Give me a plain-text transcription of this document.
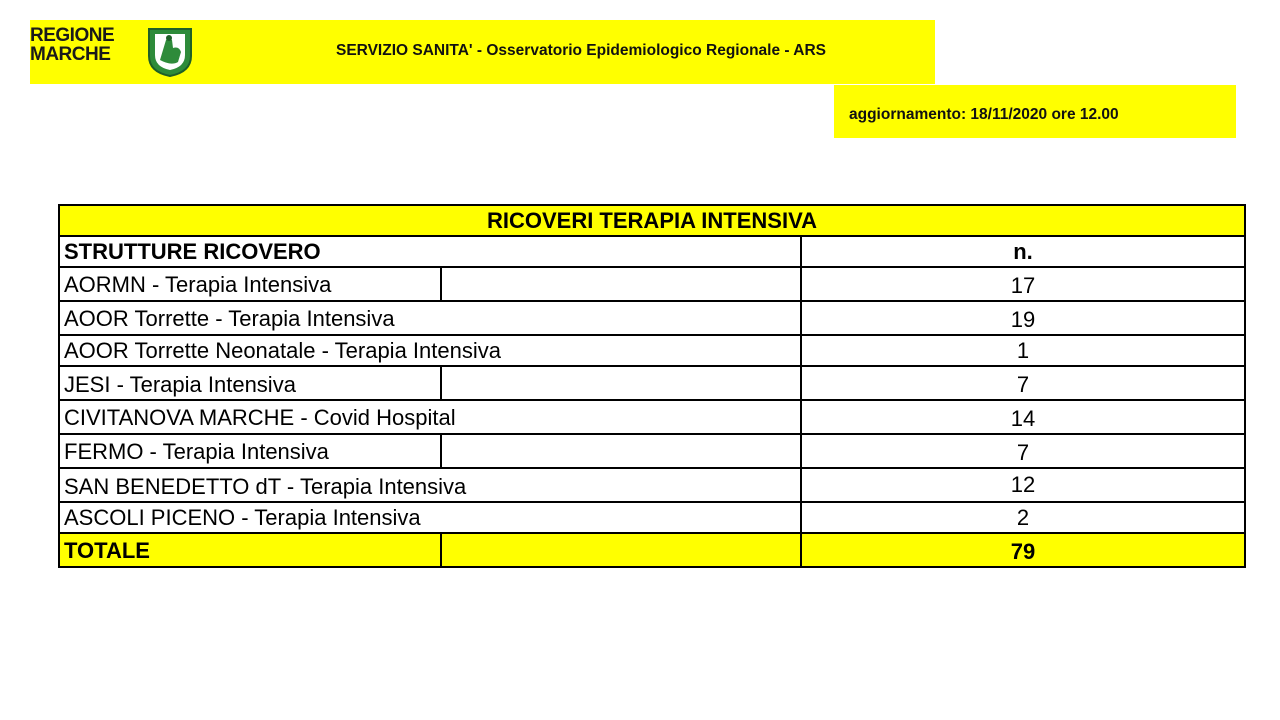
REGIONE
MARCHE	SERVIZIO SANITA' - Osservatorio Epidemiologico Regionale - ARS
aggiornamento: 18/11/2020 ore 12.00
RICOVERI TERAPIA INTENSIVA		
STRUTTURE RICOVERO		n.
AORMN - Terapia Intensiva		17
AOOR Torrette - Terapia Intensiva		19
AOOR Torrette Neonatale - Terapia Intensiva		1
JESI - Terapia Intensiva		7
CIVITANOVA MARCHE - Covid Hospital		14
FERMO - Terapia Intensiva		7
SAN BENEDETTO dT - Terapia Intensiva		12
ASCOLI PICENO - Terapia Intensiva		2
TOTALE		79
